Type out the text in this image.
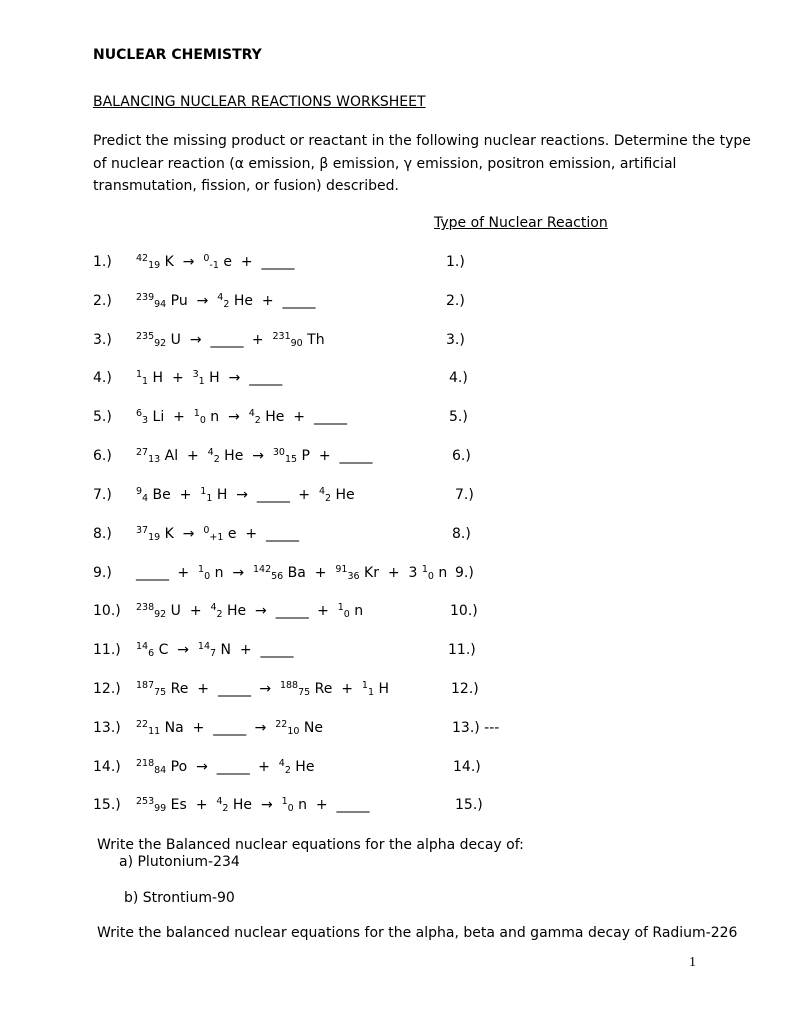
NUCLEAR CHEMISTRY
BALANCING NUCLEAR REACTIONS WORKSHEET
Predict the missing product or reactant in the following nuclear reactions. Determine the type
of nuclear reaction (α emission, β emission, γ emission, positron emission, artificial
transmutation, fission, or fusion) described.
Type of Nuclear Reaction
1.)	$^{42}_{19}$ K  →  $^0_{-1}$ e  +  _____	1.)
2.)	$^{239}_{94}$ Pu  →  $^4_2$ He  +  _____	2.)
3.)	$^{235}_{92}$ U  →  _____  +  $^{231}_{90}$ Th	3.)
4.)	$^1_1$ H  +  $^3_1$ H  →  _____	4.)
5.)	$^6_3$ Li  +  $^1_0$ n  →  $^4_2$ He  +  _____	5.)
6.)	$^{27}_{13}$ Al  +  $^4_2$ He  →  $^{30}_{15}$ P  +  _____	6.)
7.)	$^9_4$ Be  +  $^1_1$ H  →  _____  +  $^4_2$ He	7.)
8.)	$^{37}_{19}$ K  →  $^0_{+1}$ e  +  _____	8.)
9.) _____  +  $^1_0$ n  →  $^{142}_{56}$ Ba  +  $^{91}_{36}$ Kr  +  3 $^1_0$ n 9.)
10.) $^{238}_{92}$ U  +  $^4_2$ He  →  _____  +  $^1_0$ n	10.)
11.) $^{14}_6$ C  →  $^{14}_7$ N  +  _____	11.)
12.) $^{187}_{75}$ Re  +  _____  →  $^{188}_{75}$ Re  +  $^1_1$ H	12.)
13.) $^{22}_{11}$ Na  +  _____  →  $^{22}_{10}$ Ne	13.) ---
14.) $^{218}_{84}$ Po  →  _____  +  $^4_2$ He	14.)
15.) $^{253}_{99}$ Es  +  $^4_2$ He  →  $^1_0$ n  +  _____	15.)
Write the Balanced nuclear equations for the alpha decay of:
a) Plutonium-234
b) Strontium-90
Write the balanced nuclear equations for the alpha, beta and gamma decay of Radium-226
1
